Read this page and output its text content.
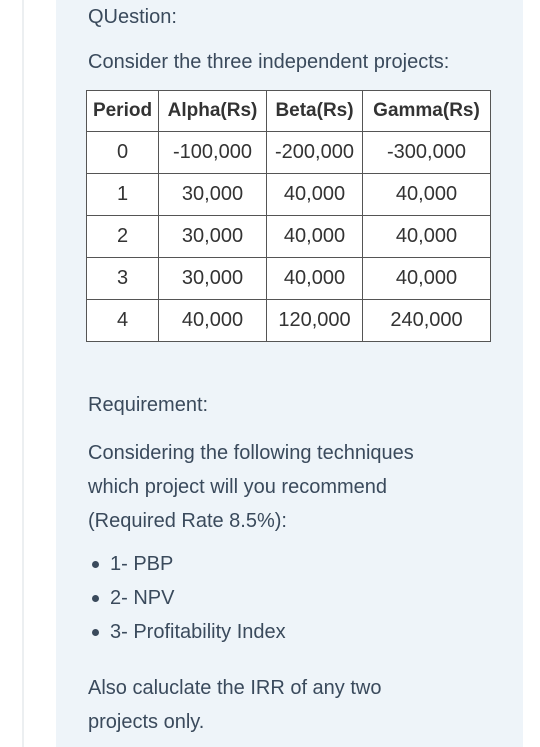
QUestion:
Consider the three independent projects:
Period	Alpha(Rs)	Beta(Rs)	Gamma(Rs)
0	-100,000	-200,000	-300,000
1	30,000	40,000	40,000
2	30,000	40,000	40,000
3	30,000	40,000	40,000
4	40,000	120,000	240,000
Requirement:
Considering the following techniques
which project will you recommend
(Required Rate 8.5%):
1- PBP
2- NPV
3- Profitability Index
Also caluclate the IRR of any two
projects only.
